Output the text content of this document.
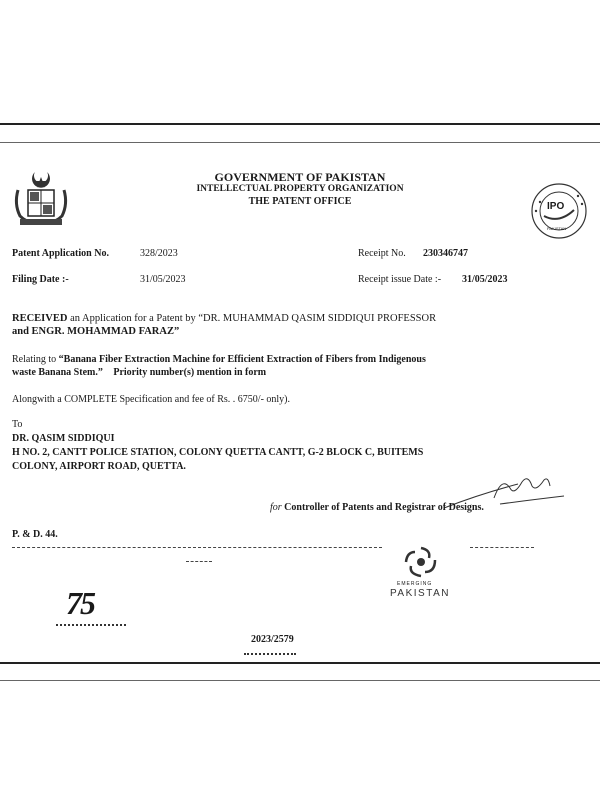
GOVERNMENT OF PAKISTAN
INTELLECTUAL PROPERTY ORGANIZATION
THE PATENT OFFICE	IPO
PAKISTAN
Patent Application No.	328/2023	Receipt No. 230346747
Filing Date :-	31/05/2023	Receipt issue Date :- 31/05/2023
RECEIVED an Application for a Patent by “DR. MUHAMMAD QASIM SIDDIQUI PROFESSOR
and ENGR. MOHAMMAD FARAZ”
Relating to “Banana Fiber Extraction Machine for Efficient Extraction of Fibers from Indigenous
waste Banana Stem.” Priority number(s) mention in form
Alongwith a COMPLETE Specification and fee of Rs. . 6750/- only).
To
DR. QASIM SIDDIQUI
H NO. 2, CANTT POLICE STATION, COLONY QUETTA CANTT, G-2 BLOCK C, BUITEMS
COLONY, AIRPORT ROAD, QUETTA.
for Controller of Patents and Registrar of Designs.
P. & D. 44.
EMERGING
PAKISTAN
75
2023/2579
